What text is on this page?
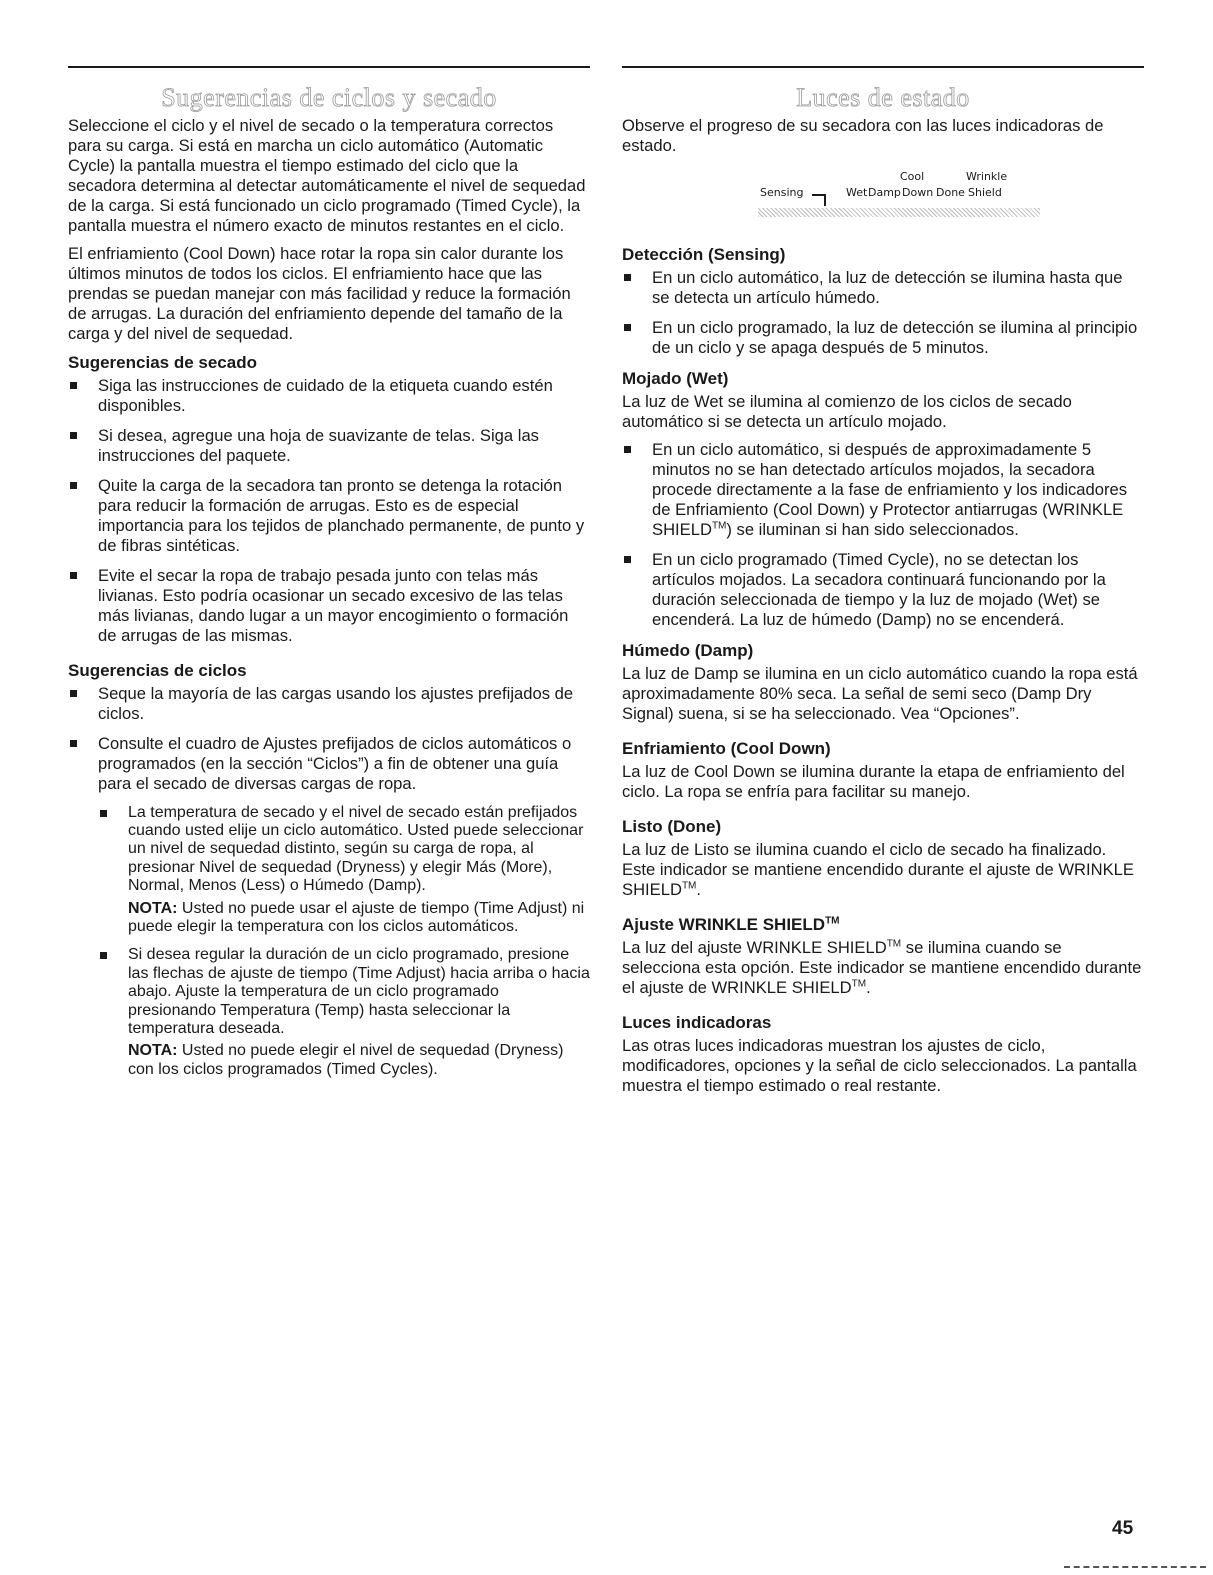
Sugerencias de ciclos y secado

Seleccione el ciclo y el nivel de secado o la temperatura correctos para su carga. Si está en marcha un ciclo automático (Automatic Cycle) la pantalla muestra el tiempo estimado del ciclo que la secadora determina al detectar automáticamente el nivel de sequedad de la carga. Si está funcionado un ciclo programado (Timed Cycle), la pantalla muestra el número exacto de minutos restantes en el ciclo.

El enfriamiento (Cool Down) hace rotar la ropa sin calor durante los últimos minutos de todos los ciclos. El enfriamiento hace que las prendas se puedan manejar con más facilidad y reduce la formación de arrugas. La duración del enfriamiento depende del tamaño de la carga y del nivel de sequedad.

Sugerencias de secado
Siga las instrucciones de cuidado de la etiqueta cuando estén disponibles.
Si desea, agregue una hoja de suavizante de telas. Siga las instrucciones del paquete.
Quite la carga de la secadora tan pronto se detenga la rotación para reducir la formación de arrugas. Esto es de especial importancia para los tejidos de planchado permanente, de punto y de fibras sintéticas.
Evite el secar la ropa de trabajo pesada junto con telas más livianas. Esto podría ocasionar un secado excesivo de las telas más livianas, dando lugar a un mayor encogimiento o formación de arrugas de las mismas.
Sugerencias de ciclos
Seque la mayoría de las cargas usando los ajustes prefijados de ciclos.
Consulte el cuadro de Ajustes prefijados de ciclos automáticos o programados (en la sección “Ciclos”) a fin de obtener una guía para el secado de diversas cargas de ropa.
La temperatura de secado y el nivel de secado están prefijados cuando usted elije un ciclo automático. Usted puede seleccionar un nivel de sequedad distinto, según su carga de ropa, al presionar Nivel de sequedad (Dryness) y elegir Más (More), Normal, Menos (Less) o Húmedo (Damp).
NOTA: Usted no puede usar el ajuste de tiempo (Time Adjust) ni puede elegir la temperatura con los ciclos automáticos.
Si desea regular la duración de un ciclo programado, presione las flechas de ajuste de tiempo (Time Adjust) hacia arriba o hacia abajo. Ajuste la temperatura de un ciclo programado presionando Temperatura (Temp) hasta seleccionar la temperatura deseada.
NOTA: Usted no puede elegir el nivel de sequedad (Dryness) con los ciclos programados (Timed Cycles).
Luces de estado

Observe el progreso de su secadora con las luces indicadoras de estado.

Cool	Wrinkle
Sensing	Wet Damp Down Done Shield
Detección (Sensing)
En un ciclo automático, la luz de detección se ilumina hasta que se detecta un artículo húmedo.
En un ciclo programado, la luz de detección se ilumina al principio de un ciclo y se apaga después de 5 minutos.
Mojado (Wet)

La luz de Wet se ilumina al comienzo de los ciclos de secado automático si se detecta un artículo mojado.

En un ciclo automático, si después de approximadamente 5 minutos no se han detectado artículos mojados, la secadora procede directamente a la fase de enfriamiento y los indicadores de Enfriamiento (Cool Down) y Protector antiarrugas (WRINKLE SHIELD™) se iluminan si han sido seleccionados.
En un ciclo programado (Timed Cycle), no se detectan los artículos mojados. La secadora continuará funcionando por la duración seleccionada de tiempo y la luz de mojado (Wet) se encenderá. La luz de húmedo (Damp) no se encenderá.
Húmedo (Damp)

La luz de Damp se ilumina en un ciclo automático cuando la ropa está aproximadamente 80% seca. La señal de semi seco (Damp Dry Signal) suena, si se ha seleccionado. Vea “Opciones”.

Enfriamiento (Cool Down)

La luz de Cool Down se ilumina durante la etapa de enfriamiento del ciclo. La ropa se enfría para facilitar su manejo.

Listo (Done)

La luz de Listo se ilumina cuando el ciclo de secado ha finalizado. Este indicador se mantiene encendido durante el ajuste de WRINKLE SHIELD™.

Ajuste WRINKLE SHIELD™

La luz del ajuste WRINKLE SHIELD™ se ilumina cuando se selecciona esta opción. Este indicador se mantiene encendido durante el ajuste de WRINKLE SHIELD™.

Luces indicadoras

Las otras luces indicadoras muestran los ajustes de ciclo, modificadores, opciones y la señal de ciclo seleccionados. La pantalla muestra el tiempo estimado o real restante.

45
